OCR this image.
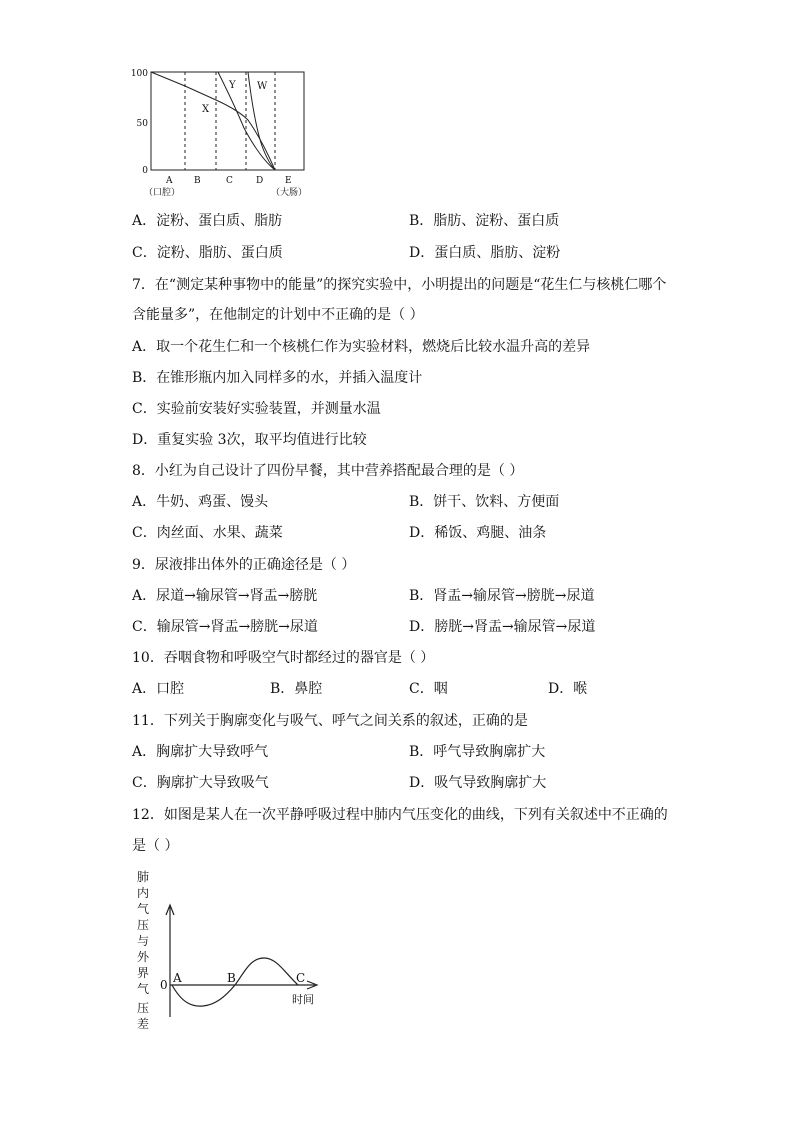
100
50
0
X
Y W
A B	C	D E
（口腔）	（大肠）
A．淀粉、蛋白质、脂肪	B．脂肪、淀粉、蛋白质
C．淀粉、脂肪、蛋白质	D．蛋白质、脂肪、淀粉
7．在“测定某种事物中的能量”的探究实验中，小明提出的问题是“花生仁与核桃仁哪个
含能量多”，在他制定的计划中不正确的是（ ）
A．取一个花生仁和一个核桃仁作为实验材料，燃烧后比较水温升高的差异
B．在锥形瓶内加入同样多的水，并插入温度计
C．实验前安装好实验装置，并测量水温
D．重复实验 3次，取平均值进行比较
8．小红为自己设计了四份早餐，其中营养搭配最合理的是（ ）
A．牛奶、鸡蛋、馒头	B．饼干、饮料、方便面
C．肉丝面、水果、蔬菜	D．稀饭、鸡腿、油条
9．尿液排出体外的正确途径是（ ）
A．尿道→输尿管→肾盂→膀胱	B．肾盂→输尿管→膀胱→尿道
C．输尿管→肾盂→膀胱→尿道	D．膀胱→肾盂→输尿管→尿道
10．吞咽食物和呼吸空气时都经过的器官是（ ）
A．口腔	B．鼻腔	C．咽	D．喉
11．下列关于胸廓变化与吸气、呼气之间关系的叙述，正确的是
A．胸廓扩大导致呼气	B．呼气导致胸廓扩大
C．胸廓扩大导致吸气	D．吸气导致胸廓扩大
12．如图是某人在一次平静呼吸过程中肺内气压变化的曲线，下列有关叙述中不正确的
是（ ）
肺
内
气
压
与
外
界
气
压
差
0 A	B	C
时间
